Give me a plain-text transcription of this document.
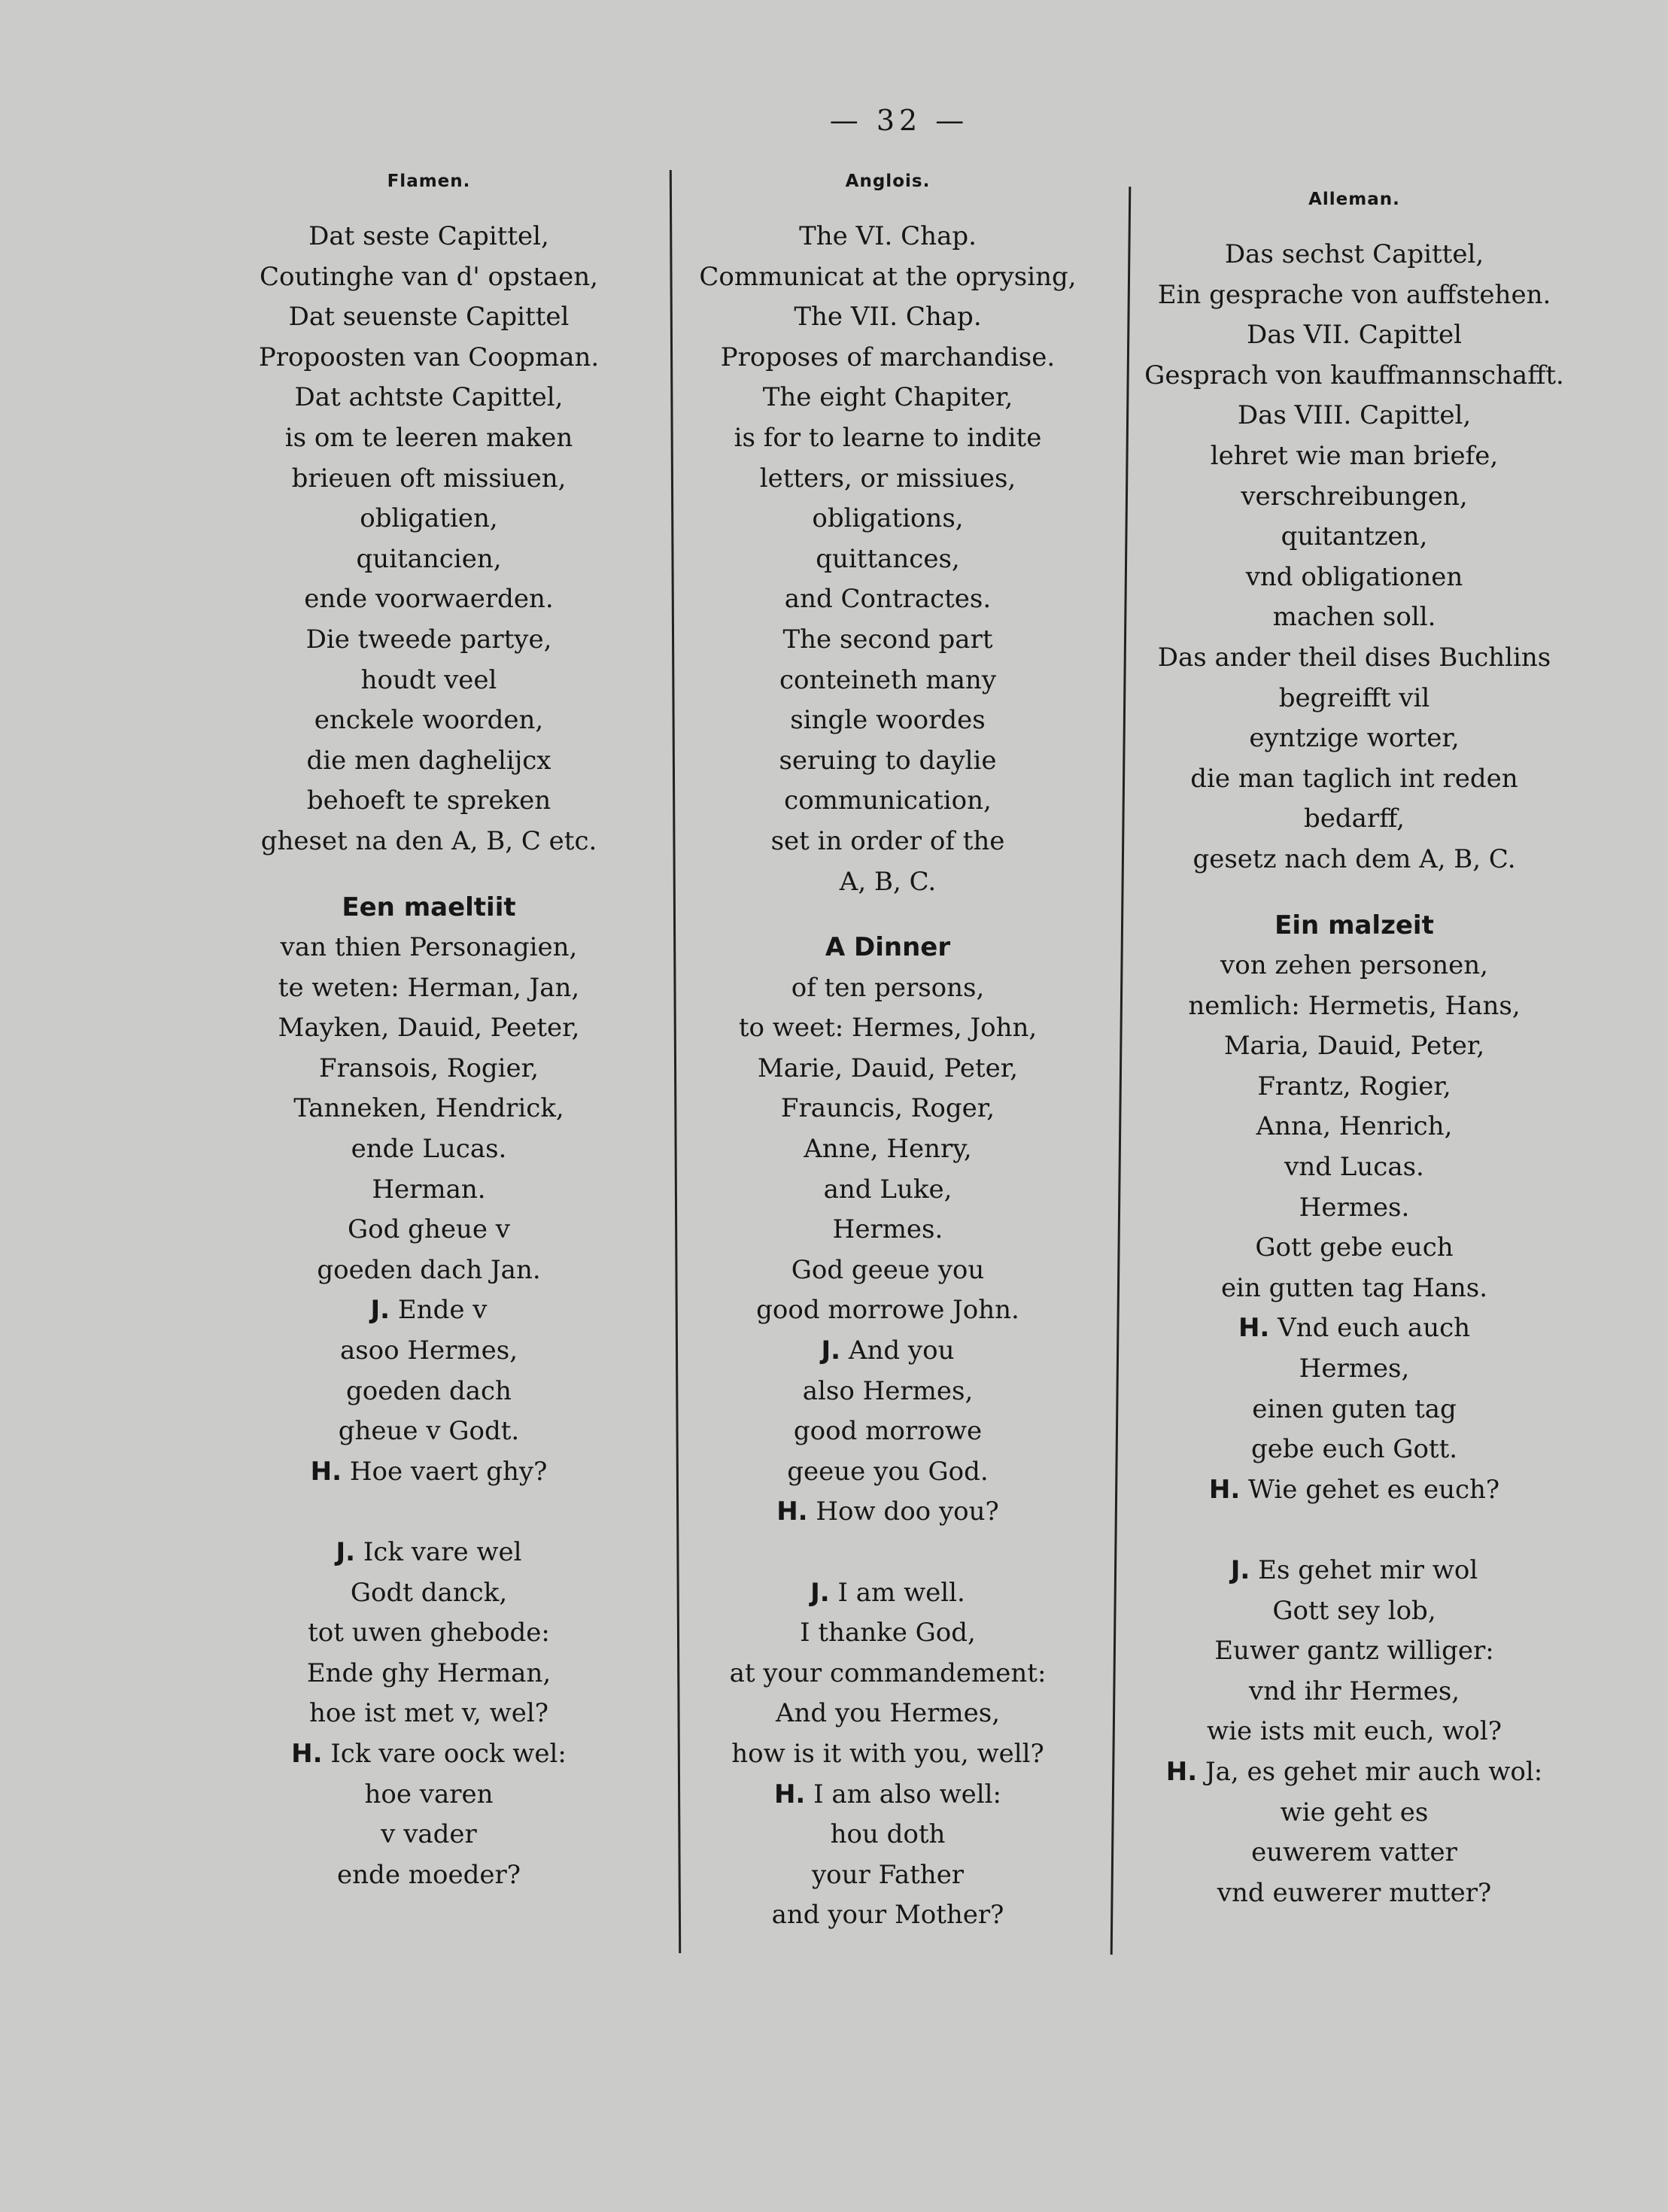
— 32 —
Flamen.
Dat seste Capittel,
Coutinghe van d' opstaen,
Dat seuenste Capittel
Propoosten van Coopman.
Dat achtste Capittel,
is om te leeren maken
brieuen oft missiuen,
obligatien,
quitancien,
ende voorwaerden.
Die tweede partye,
houdt veel
enckele woorden,
die men daghelijcx
behoeft te spreken
gheset na den A, B, C etc.
Een maeltiit
van thien Personagien,
te weten: Herman, Jan,
Mayken, Dauid, Peeter,
Fransois, Rogier,
Tanneken, Hendrick,
ende Lucas.
Herman.
God gheue v
goeden dach Jan.
J. Ende v
asoo Hermes,
goeden dach
gheue v Godt.
H. Hoe vaert ghy?
J. Ick vare wel
Godt danck,
tot uwen ghebode:
Ende ghy Herman,
hoe ist met v, wel?
H. Ick vare oock wel:
hoe varen
v vader
ende moeder?
Anglois.
The VI. Chap.
Communicat at the oprysing,
The VII. Chap.
Proposes of marchandise.
The eight Chapiter,
is for to learne to indite
letters, or missiues,
obligations,
quittances,
and Contractes.
The second part
conteineth many
single woordes
seruing to daylie
communication,
set in order of the
A, B, C.
A Dinner
of ten persons,
to weet: Hermes, John,
Marie, Dauid, Peter,
Frauncis, Roger,
Anne, Henry,
and Luke,
Hermes.
God geeue you
good morrowe John.
J. And you
also Hermes,
good morrowe
geeue you God.
H. How doo you?
J. I am well.
I thanke God,
at your commandement:
And you Hermes,
how is it with you, well?
H. I am also well:
hou doth
your Father
and your Mother?
Alleman.
Das sechst Capittel,
Ein gesprache von auffstehen.
Das VII. Capittel
Gesprach von kauffmannschafft.
Das VIII. Capittel,
lehret wie man briefe,
verschreibungen,
quitantzen,
vnd obligationen
machen soll.
Das ander theil dises Buchlins
begreifft vil
eyntzige worter,
die man taglich int reden
bedarff,
gesetz nach dem A, B, C.
Ein malzeit
von zehen personen,
nemlich: Hermetis, Hans,
Maria, Dauid, Peter,
Frantz, Rogier,
Anna, Henrich,
vnd Lucas.
Hermes.
Gott gebe euch
ein gutten tag Hans.
H. Vnd euch auch
Hermes,
einen guten tag
gebe euch Gott.
H. Wie gehet es euch?
J. Es gehet mir wol
Gott sey lob,
Euwer gantz williger:
vnd ihr Hermes,
wie ists mit euch, wol?
H. Ja, es gehet mir auch wol:
wie geht es
euwerem vatter
vnd euwerer mutter?
